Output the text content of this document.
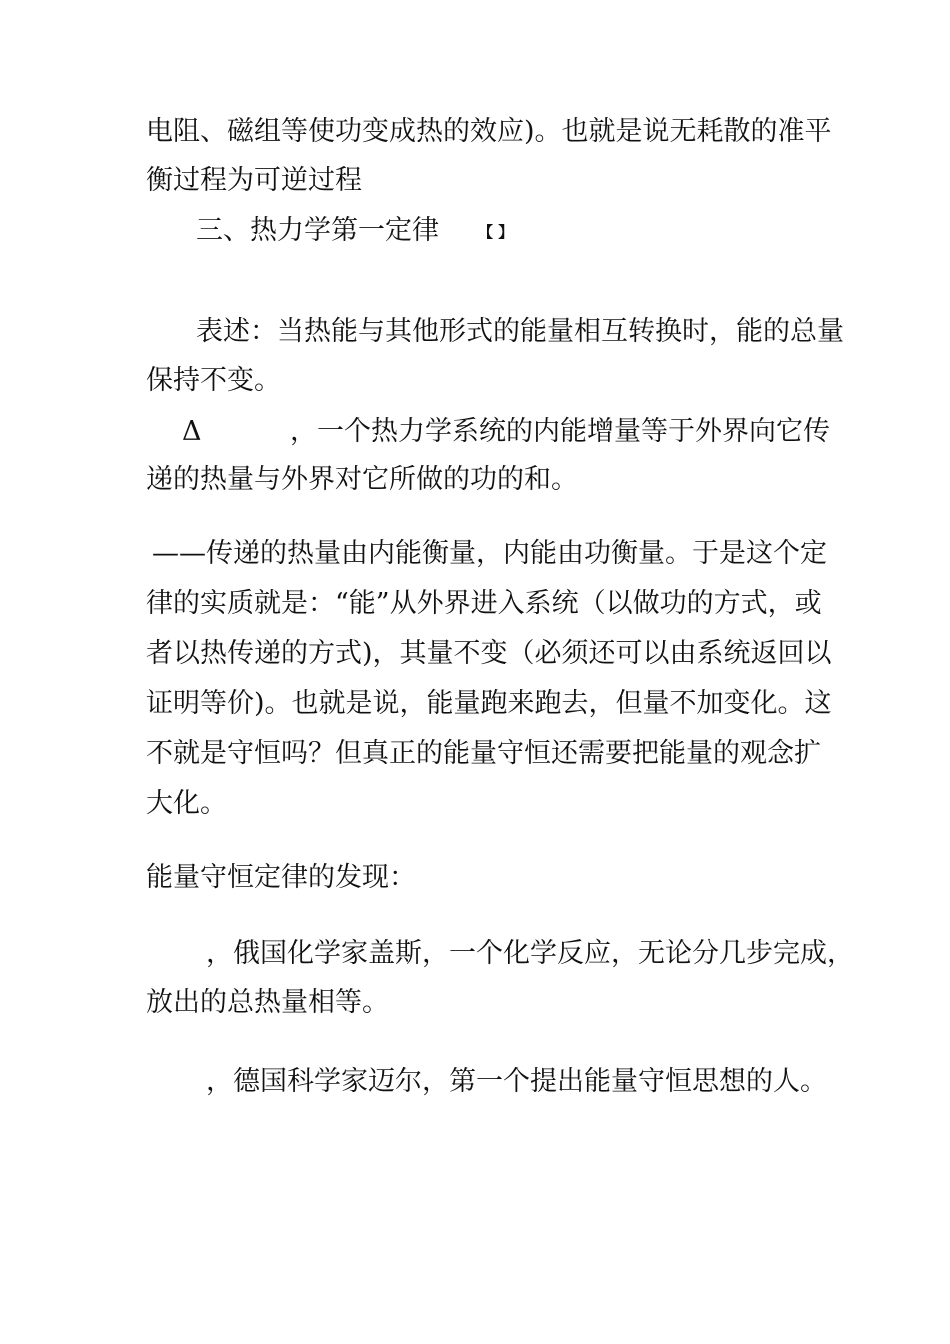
电阻、磁组等使功变成热的效应)。也就是说无耗散的准平
衡过程为可逆过程
三、热力学第一定律	【 】
表述：当热能与其他形式的能量相互转换时，能的总量
保持不变。
Δ	，一个热力学系统的内能增量等于外界向它传
递的热量与外界对它所做的功的和。
——传递的热量由内能衡量，内能由功衡量。于是这个定
律的实质就是：“能”从外界进入系统（以做功的方式，或
者以热传递的方式)，其量不变（必须还可以由系统返回以
证明等价)。也就是说，能量跑来跑去，但量不加变化。这
不就是守恒吗？但真正的能量守恒还需要把能量的观念扩
大化。
能量守恒定律的发现：
，俄国化学家盖斯，一个化学反应，无论分几步完成，
放出的总热量相等。
，德国科学家迈尔，第一个提出能量守恒思想的人。
